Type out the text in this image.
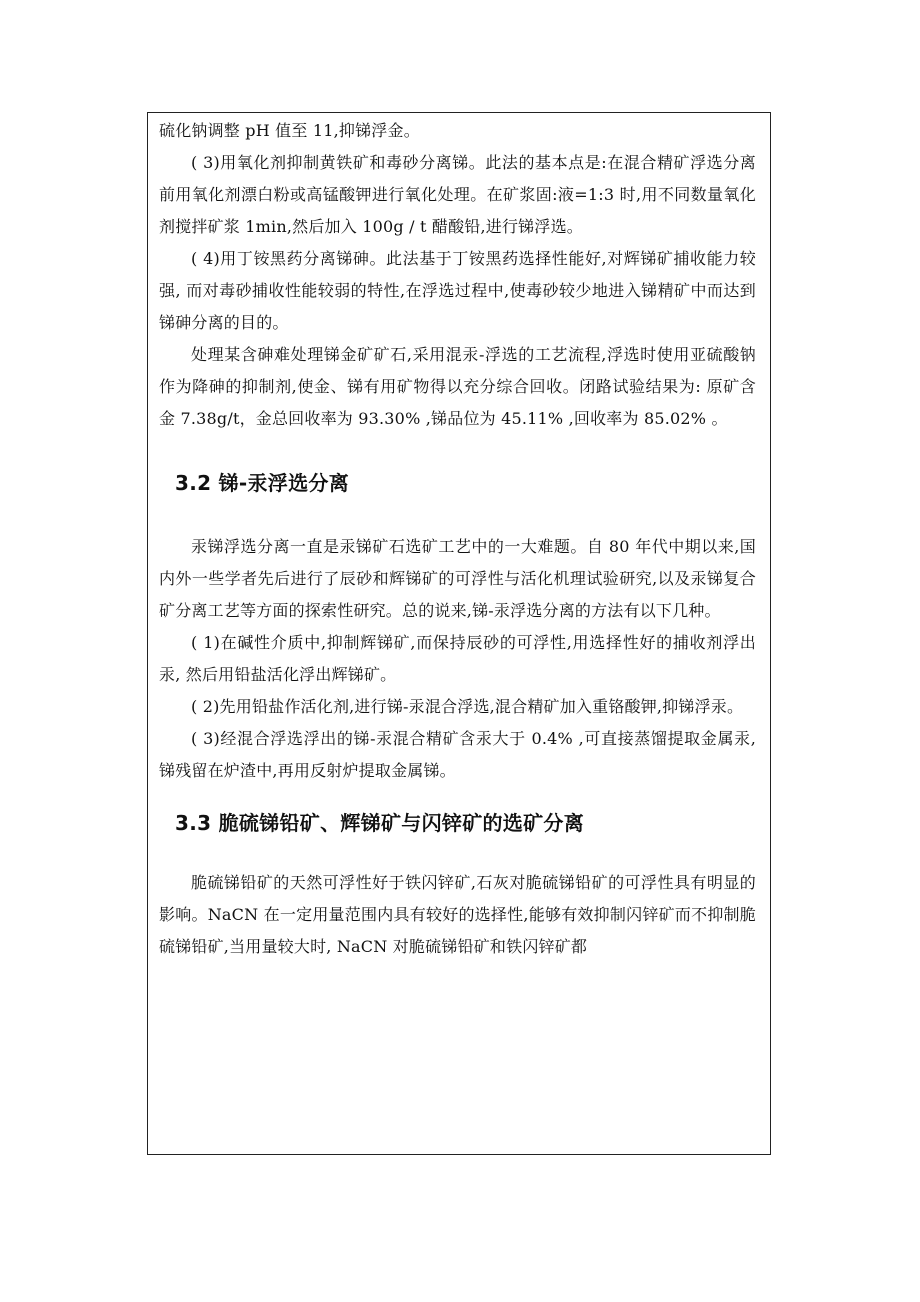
硫化钠调整 pH 值至 11,抑锑浮金。

( 3)用氧化剂抑制黄铁矿和毒砂分离锑。此法的基本点是:在混合精矿浮选分离前用氧化剂漂白粉或高锰酸钾进行氧化处理。在矿浆固:液=1:3 时,用不同数量氧化剂搅拌矿浆 1min,然后加入 100g / t 醋酸铅,进行锑浮选。

( 4)用丁铵黑药分离锑砷。此法基于丁铵黑药选择性能好,对辉锑矿捕收能力较强, 而对毒砂捕收性能较弱的特性,在浮选过程中,使毒砂较少地进入锑精矿中而达到锑砷分离的目的。

处理某含砷难处理锑金矿矿石,采用混汞-浮选的工艺流程,浮选时使用亚硫酸钠作为降砷的抑制剂,使金、锑有用矿物得以充分综合回收。闭路试验结果为: 原矿含金 7.38g/t，金总回收率为 93.30% ,锑品位为 45.11% ,回收率为 85.02% 。

3.2 锑-汞浮选分离

汞锑浮选分离一直是汞锑矿石选矿工艺中的一大难题。自 80 年代中期以来,国内外一些学者先后进行了辰砂和辉锑矿的可浮性与活化机理试验研究,以及汞锑复合矿分离工艺等方面的探索性研究。总的说来,锑-汞浮选分离的方法有以下几种。

( 1)在碱性介质中,抑制辉锑矿,而保持辰砂的可浮性,用选择性好的捕收剂浮出汞, 然后用铅盐活化浮出辉锑矿。

( 2)先用铅盐作活化剂,进行锑-汞混合浮选,混合精矿加入重铬酸钾,抑锑浮汞。

( 3)经混合浮选浮出的锑-汞混合精矿含汞大于 0.4% ,可直接蒸馏提取金属汞,锑残留在炉渣中,再用反射炉提取金属锑。

3.3 脆硫锑铅矿、辉锑矿与闪锌矿的选矿分离

脆硫锑铅矿的天然可浮性好于铁闪锌矿,石灰对脆硫锑铅矿的可浮性具有明显的影响。NaCN 在一定用量范围内具有较好的选择性,能够有效抑制闪锌矿而不抑制脆硫锑铅矿,当用量较大时, NaCN 对脆硫锑铅矿和铁闪锌矿都
